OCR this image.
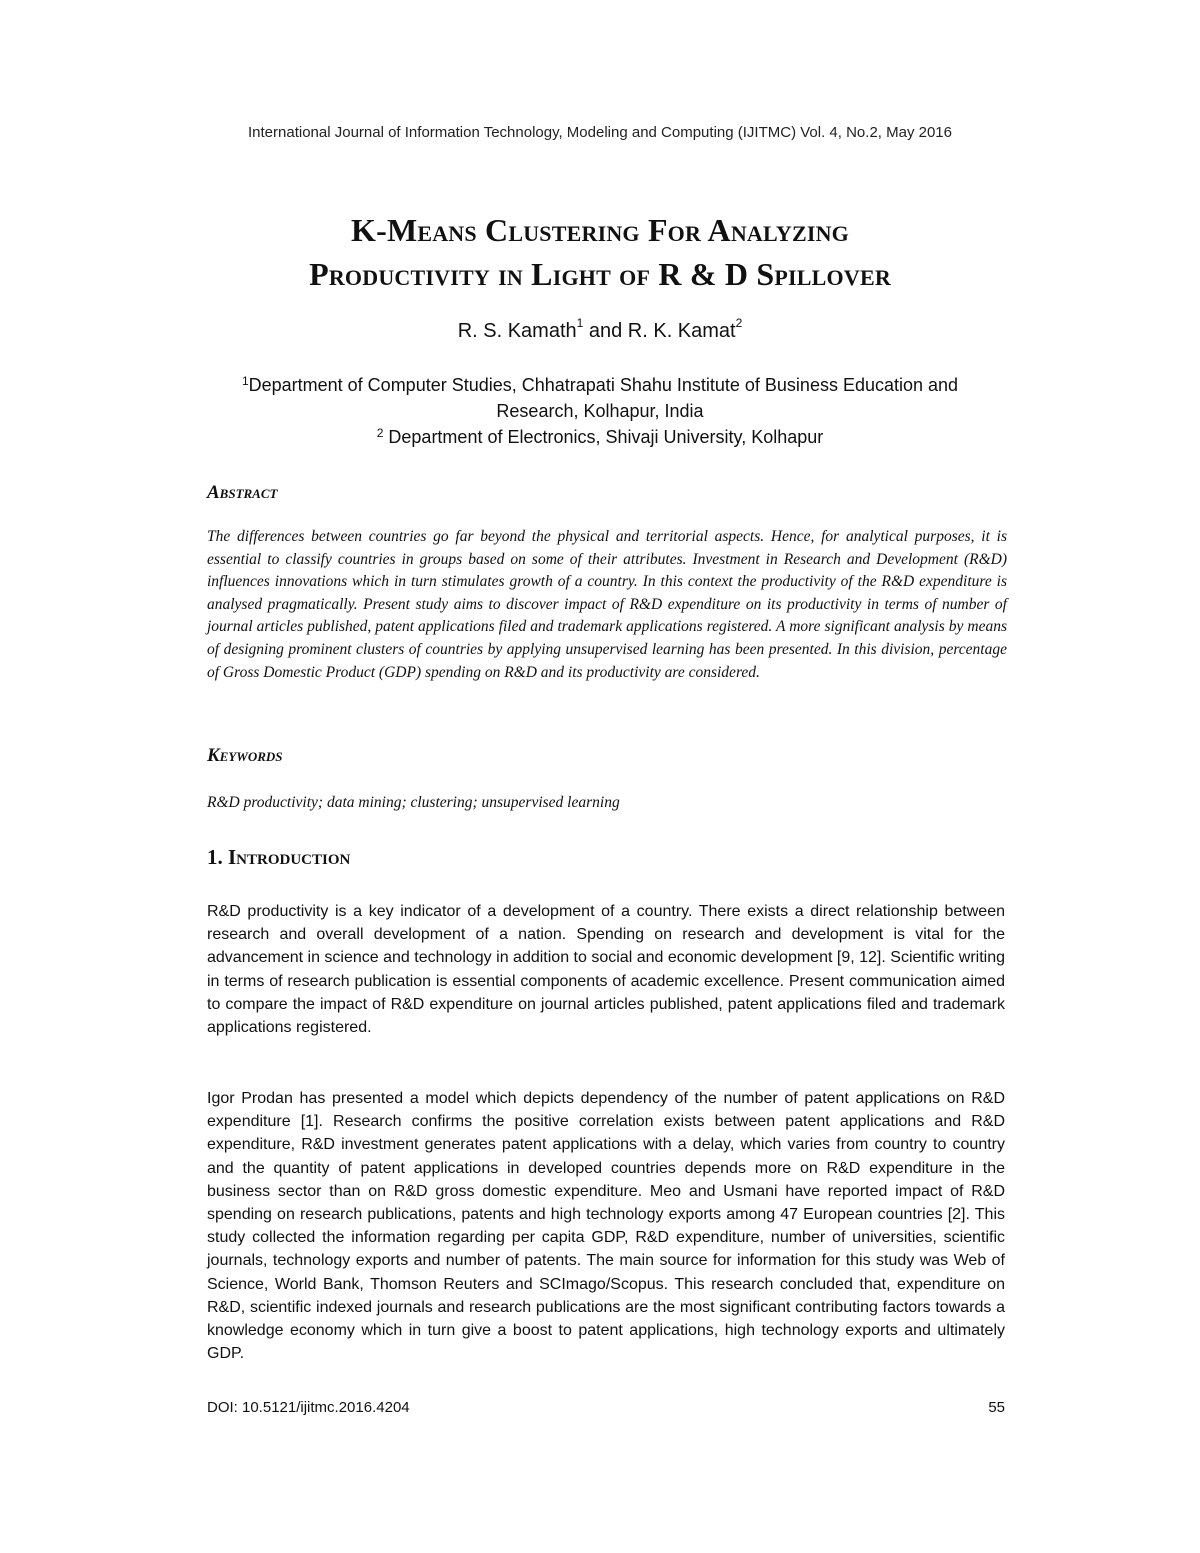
International Journal of Information Technology, Modeling and Computing (IJITMC) Vol. 4, No.2, May 2016
K-Means Clustering For Analyzing
Productivity in Light of R & D Spillover
R. S. Kamath$^1$ and R. K. Kamat$^2$
$^1$Department of Computer Studies, Chhatrapati Shahu Institute of Business Education and
Research, Kolhapur, India
$^2$ Department of Electronics, Shivaji University, Kolhapur
Abstract
The differences between countries go far beyond the physical and territorial aspects. Hence, for analytical purposes, it is essential to classify countries in groups based on some of their attributes. Investment in Research and Development (R&D) influences innovations which in turn stimulates growth of a country. In this context the productivity of the R&D expenditure is analysed pragmatically. Present study aims to discover impact of R&D expenditure on its productivity in terms of number of journal articles published, patent applications filed and trademark applications registered. A more significant analysis by means of designing prominent clusters of countries by applying unsupervised learning has been presented. In this division, percentage of Gross Domestic Product (GDP) spending on R&D and its productivity are considered.
Keywords
R&D productivity; data mining; clustering; unsupervised learning
1. Introduction
R&D productivity is a key indicator of a development of a country. There exists a direct relationship between research and overall development of a nation. Spending on research and development is vital for the advancement in science and technology in addition to social and economic development [9, 12]. Scientific writing in terms of research publication is essential components of academic excellence. Present communication aimed to compare the impact of R&D expenditure on journal articles published, patent applications filed and trademark applications registered.
Igor Prodan has presented a model which depicts dependency of the number of patent applications on R&D expenditure [1]. Research confirms the positive correlation exists between patent applications and R&D expenditure, R&D investment generates patent applications with a delay, which varies from country to country and the quantity of patent applications in developed countries depends more on R&D expenditure in the business sector than on R&D gross domestic expenditure. Meo and Usmani have reported impact of R&D spending on research publications, patents and high technology exports among 47 European countries [2]. This study collected the information regarding per capita GDP, R&D expenditure, number of universities, scientific journals, technology exports and number of patents. The main source for information for this study was Web of Science, World Bank, Thomson Reuters and SCImago/Scopus. This research concluded that, expenditure on R&D, scientific indexed journals and research publications are the most significant contributing factors towards a knowledge economy which in turn give a boost to patent applications, high technology exports and ultimately GDP.
DOI: 10.5121/ijitmc.2016.4204	55
